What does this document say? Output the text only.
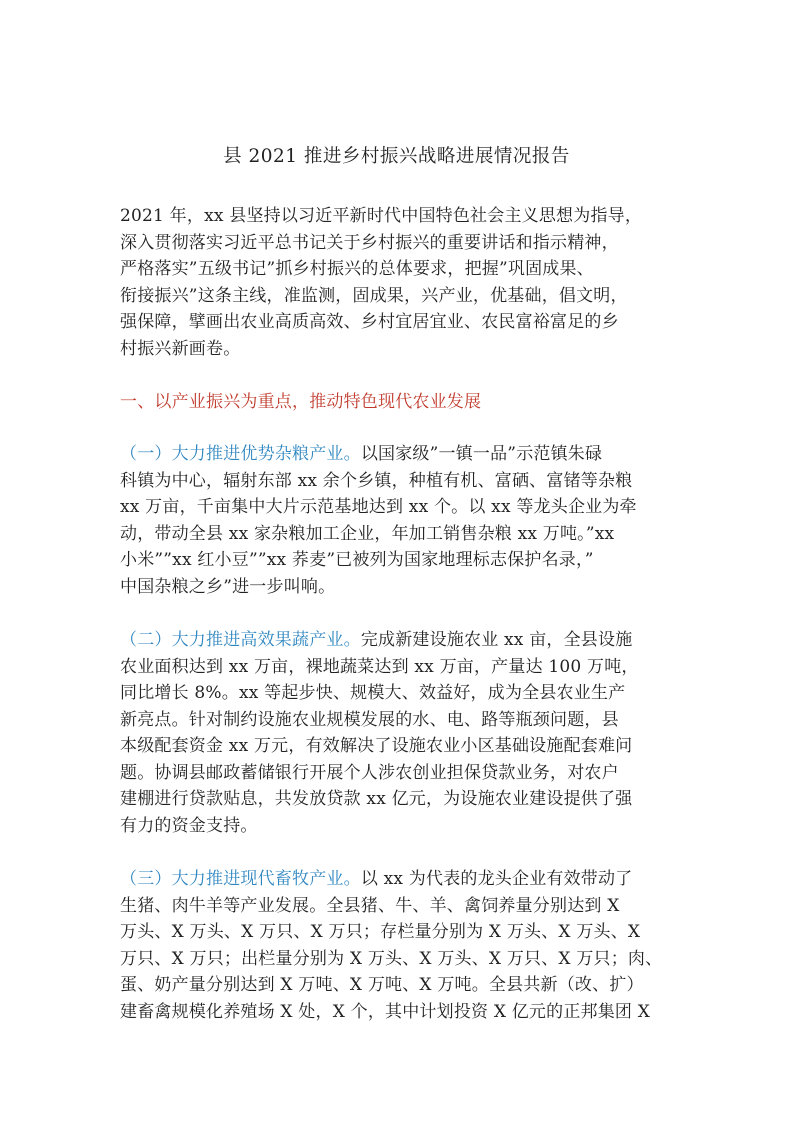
县 2021 推进乡村振兴战略进展情况报告
2021 年，xx 县坚持以习近平新时代中国特色社会主义思想为指导，
深入贯彻落实习近平总书记关于乡村振兴的重要讲话和指示精神，
严格落实”五级书记”抓乡村振兴的总体要求，把握”巩固成果、
衔接振兴”这条主线，准监测，固成果，兴产业，优基础，倡文明，
强保障，擘画出农业高质高效、乡村宜居宜业、农民富裕富足的乡
村振兴新画卷。
一、以产业振兴为重点，推动特色现代农业发展
（一）大力推进优势杂粮产业。以国家级”一镇一品”示范镇朱碌
科镇为中心，辐射东部 xx 余个乡镇，种植有机、富硒、富锗等杂粮
xx 万亩，千亩集中大片示范基地达到 xx 个。以 xx 等龙头企业为牵
动，带动全县 xx 家杂粮加工企业，年加工销售杂粮 xx 万吨。”xx
小米””xx 红小豆””xx 荞麦”已被列为国家地理标志保护名录，”
中国杂粮之乡”进一步叫响。
（二）大力推进高效果蔬产业。完成新建设施农业 xx 亩，全县设施
农业面积达到 xx 万亩，裸地蔬菜达到 xx 万亩，产量达 100 万吨，
同比增长 8%。xx 等起步快、规模大、效益好，成为全县农业生产
新亮点。针对制约设施农业规模发展的水、电、路等瓶颈问题，县
本级配套资金 xx 万元，有效解决了设施农业小区基础设施配套难问
题。协调县邮政蓄储银行开展个人涉农创业担保贷款业务，对农户
建棚进行贷款贴息，共发放贷款 xx 亿元，为设施农业建设提供了强
有力的资金支持。
（三）大力推进现代畜牧产业。以 xx 为代表的龙头企业有效带动了
生猪、肉牛羊等产业发展。全县猪、牛、羊、禽饲养量分别达到 X
万头、X 万头、X 万只、X 万只；存栏量分别为 X 万头、X 万头、X
万只、X 万只；出栏量分别为 X 万头、X 万头、X 万只、X 万只；肉、
蛋、奶产量分别达到 X 万吨、X 万吨、X 万吨。全县共新（改、扩）
建畜禽规模化养殖场 X 处，X 个，其中计划投资 X 亿元的正邦集团 X
